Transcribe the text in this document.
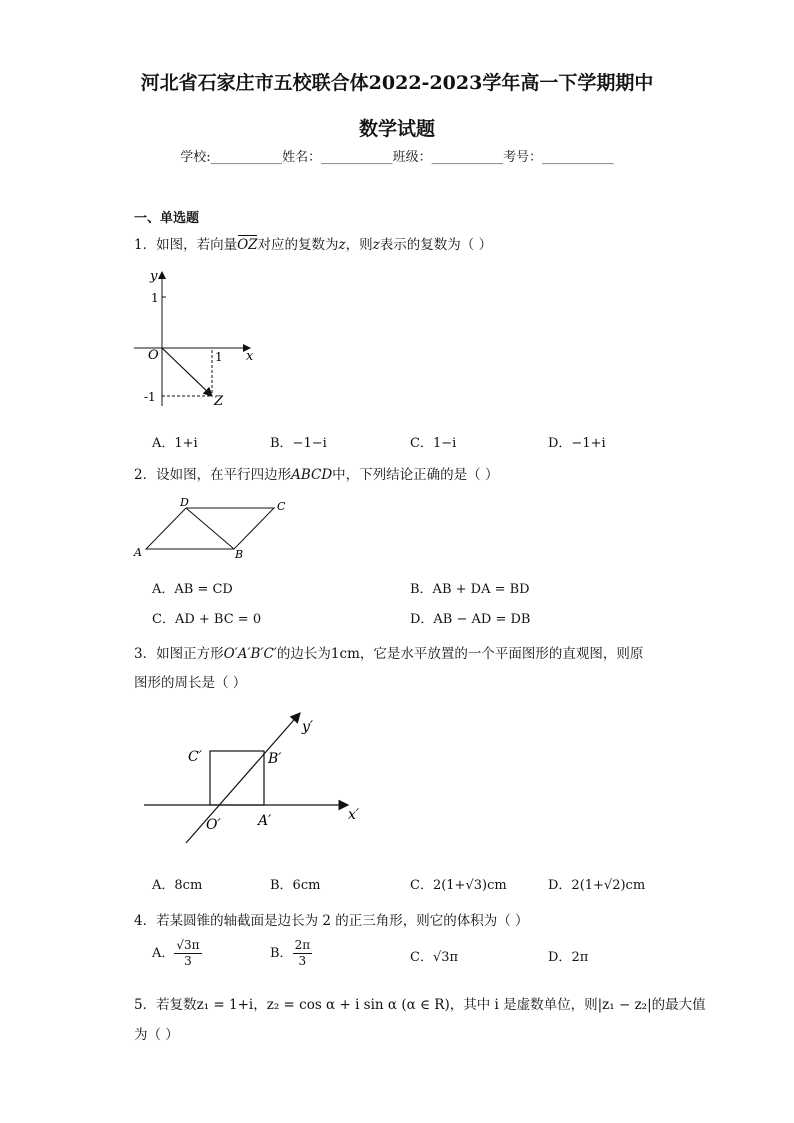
河北省石家庄市五校联合体2022-2023学年高一下学期期中
数学试题
学校:___________姓名：___________班级：___________考号：___________
一、单选题
1．如图，若向量OZ对应的复数为z，则z表示的复数为（ ）
y
x
O
1
1
-1	Z
A．1+i	B．−1−i	C．1−i	D．−1+i
2．设如图，在平行四边形ABCD中，下列结论正确的是（ ）
A	B
C
D
A．AB = CD	B．AB + DA = BD
C．AD + BC = 0	D．AB − AD = DB
3．如图正方形O′A′B′C′的边长为1cm，它是水平放置的一个平面图形的直观图，则原
图形的周长是（ ）
C′	B′
O′	A′	x′
y′
A．8cm	B．6cm	C．2(1+√3)cm	D．2(1+√2)cm
4．若某圆锥的轴截面是边长为 2 的正三角形，则它的体积为（ ）
A． $\frac{√3\pi}{3}$	B． $\frac{2\pi}{3}$	C．√3π	D．2π
5．若复数z₁ = 1+i，z₂ = cos α + i sin α (α ∈ R)，其中 i 是虚数单位，则|z₁ − z₂|的最大值
为（ ）
